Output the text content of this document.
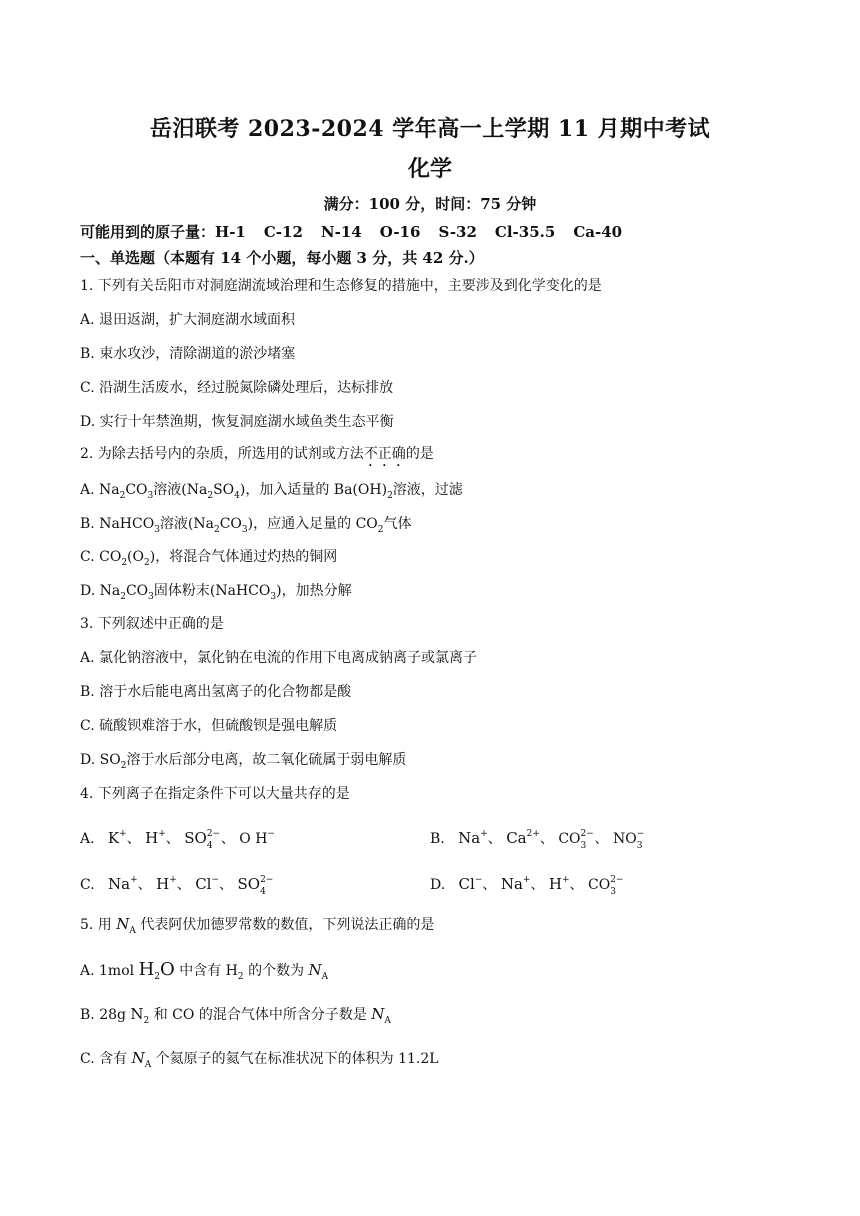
岳汨联考 2023-2024 学年高一上学期 11 月期中考试
化学
满分：100 分，时间：75 分钟
可能用到的原子量：H-1 C-12 N-14 O-16 S-32 Cl-35.5 Ca-40
一、单选题（本题有 14 个小题，每小题 3 分，共 42 分.）
1. 下列有关岳阳市对洞庭湖流域治理和生态修复的措施中，主要涉及到化学变化的是
A. 退田返湖，扩大洞庭湖水域面积
B. 束水攻沙，清除湖道的淤沙堵塞
C. 沿湖生活废水，经过脱氮除磷处理后，达标排放
D. 实行十年禁渔期，恢复洞庭湖水域鱼类生态平衡
2. 为除去括号内的杂质，所选用的试剂或方法不正确的是
A. $Na_2CO_3$溶液$(Na_2SO_4)$，加入适量的 $Ba(OH)_2$溶液，过滤
B. NaHCO$_3$溶液$(Na_2CO_3)$，应通入足量的 $CO_2$气体
C. $CO_2(O_2)$，将混合气体通过灼热的铜网
D. $Na_2CO_3$固体粉末(NaHCO$_3$)，加热分解
3. 下列叙述中正确的是
A. 氯化钠溶液中，氯化钠在电流的作用下电离成钠离子或氯离子
B. 溶于水后能电离出氢离子的化合物都是酸
C. 硫酸钡难溶于水，但硫酸钡是强电解质
D. $SO_2$溶于水后部分电离，故二氧化硫属于弱电解质
4. 下列离子在指定条件下可以大量共存的是
A. K+、 H+、 SO 2−
4 、 O H−	B. Na+、 $Ca^{2+}$、 CO 2−
3 、 NO −
3
C. Na+、 H+、 Cl−、 SO 2−
4	D. Cl−、 Na+、 H+、 CO 2−
3
5. 用 $N_A$ 代表阿伏加德罗常数的数值，下列说法正确的是
A. 1mol $H_2O$ 中含有 $H_2$ 的个数为 $N_A$
B. 28g $N_2$ 和 CO 的混合气体中所含分子数是 $N_A$
C. 含有 $N_A$ 个氦原子的氦气在标准状况下的体积为 11.2L
